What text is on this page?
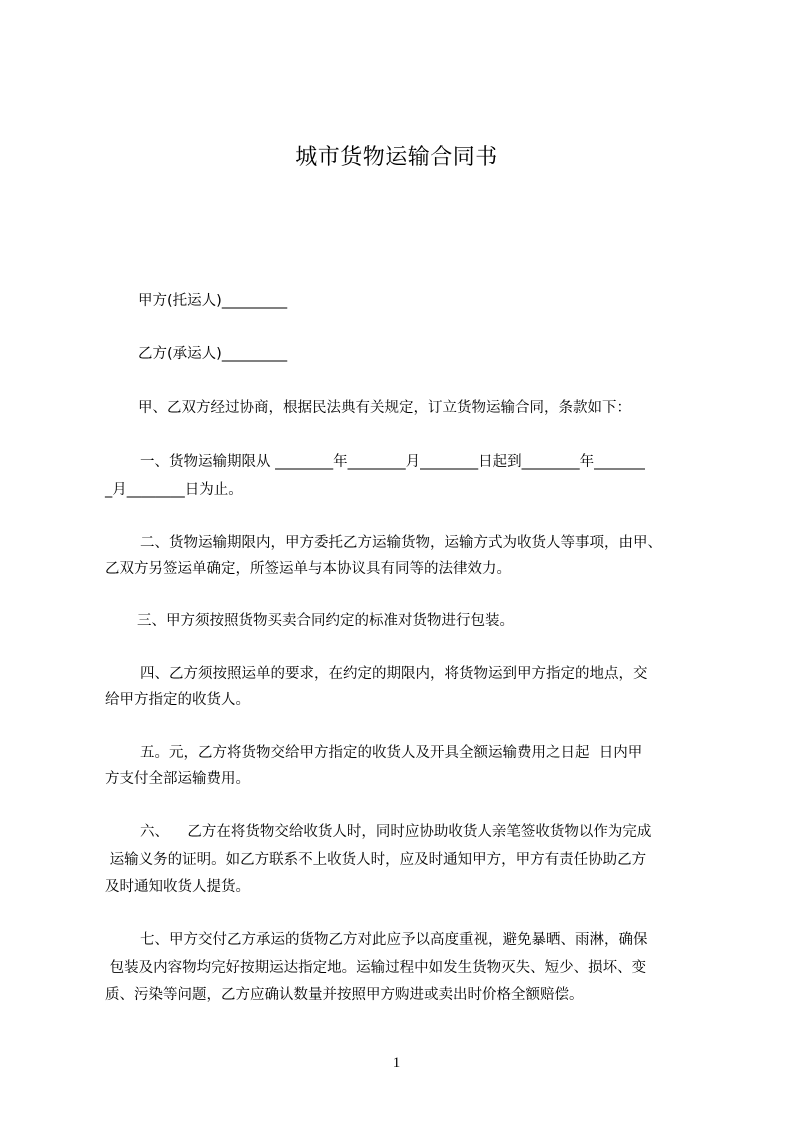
城市货物运输合同书
甲方(托运人)_________
乙方(承运人)_________
甲、乙双方经过协商，根据民法典有关规定，订立货物运输合同，条款如下：
一、货物运输期限从 ________年________月________日起到________年_______
_月________日为止。
二、货物运输期限内，甲方委托乙方运输货物，运输方式为收货人等事项，由甲、
乙双方另签运单确定，所签运单与本协议具有同等的法律效力。
三、甲方须按照货物买卖合同约定的标准对货物进行包装。
四、乙方须按照运单的要求，在约定的期限内，将货物运到甲方指定的地点，交
给甲方指定的收货人。
五。元，乙方将货物交给甲方指定的收货人及开具全额运输费用之日起  日内甲
方支付全部运输费用。
六、    乙方在将货物交给收货人时，同时应协助收货人亲笔签收货物以作为完成
运输义务的证明。如乙方联系不上收货人时，应及时通知甲方，甲方有责任协助乙方
及时通知收货人提货。
七、甲方交付乙方承运的货物乙方对此应予以高度重视，避免暴晒、雨淋，确保
包装及内容物均完好按期运达指定地。运输过程中如发生货物灭失、短少、损坏、变
质、污染等问题，乙方应确认数量并按照甲方购进或卖出时价格全额赔偿。
1
